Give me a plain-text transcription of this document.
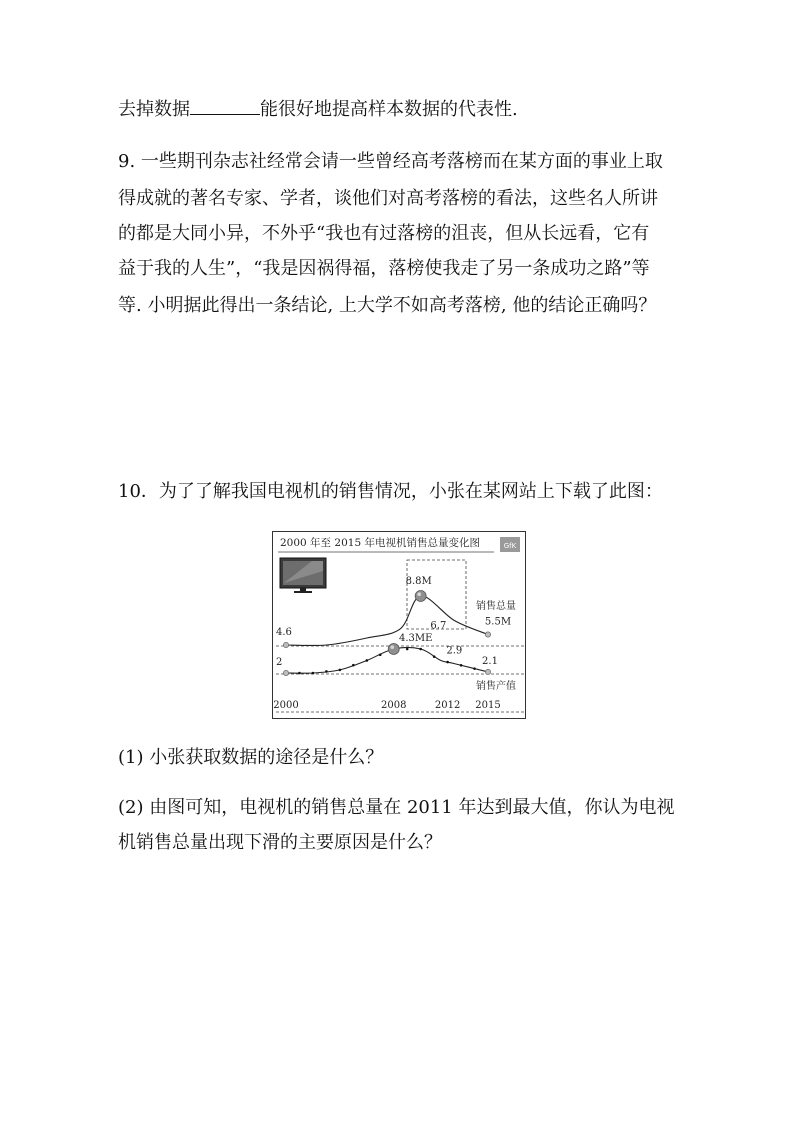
去掉数据	能很好地提高样本数据的代表性.
9. 一些期刊杂志社经常会请一些曾经高考落榜而在某方面的事业上取
得成就的著名专家、学者，谈他们对高考落榜的看法，这些名人所讲
的都是大同小异，不外乎“我也有过落榜的沮丧，但从长远看，它有
益于我的人生”，“我是因祸得福，落榜使我走了另一条成功之路”等
等. 小明据此得出一条结论, 上大学不如高考落榜, 他的结论正确吗？
10．为了了解我国电视机的销售情况，小张在某网站上下载了此图：
2000 年至 2015 年电视机销售总量变化图	GfK
4.6
8.8M
6.7	5.5M
销售总量
2
4.3ME
2.9
2.1
销售产值
2000	2008	2012 2015
(1) 小张获取数据的途径是什么？
(2) 由图可知，电视机的销售总量在 2011 年达到最大值，你认为电视
机销售总量出现下滑的主要原因是什么？
